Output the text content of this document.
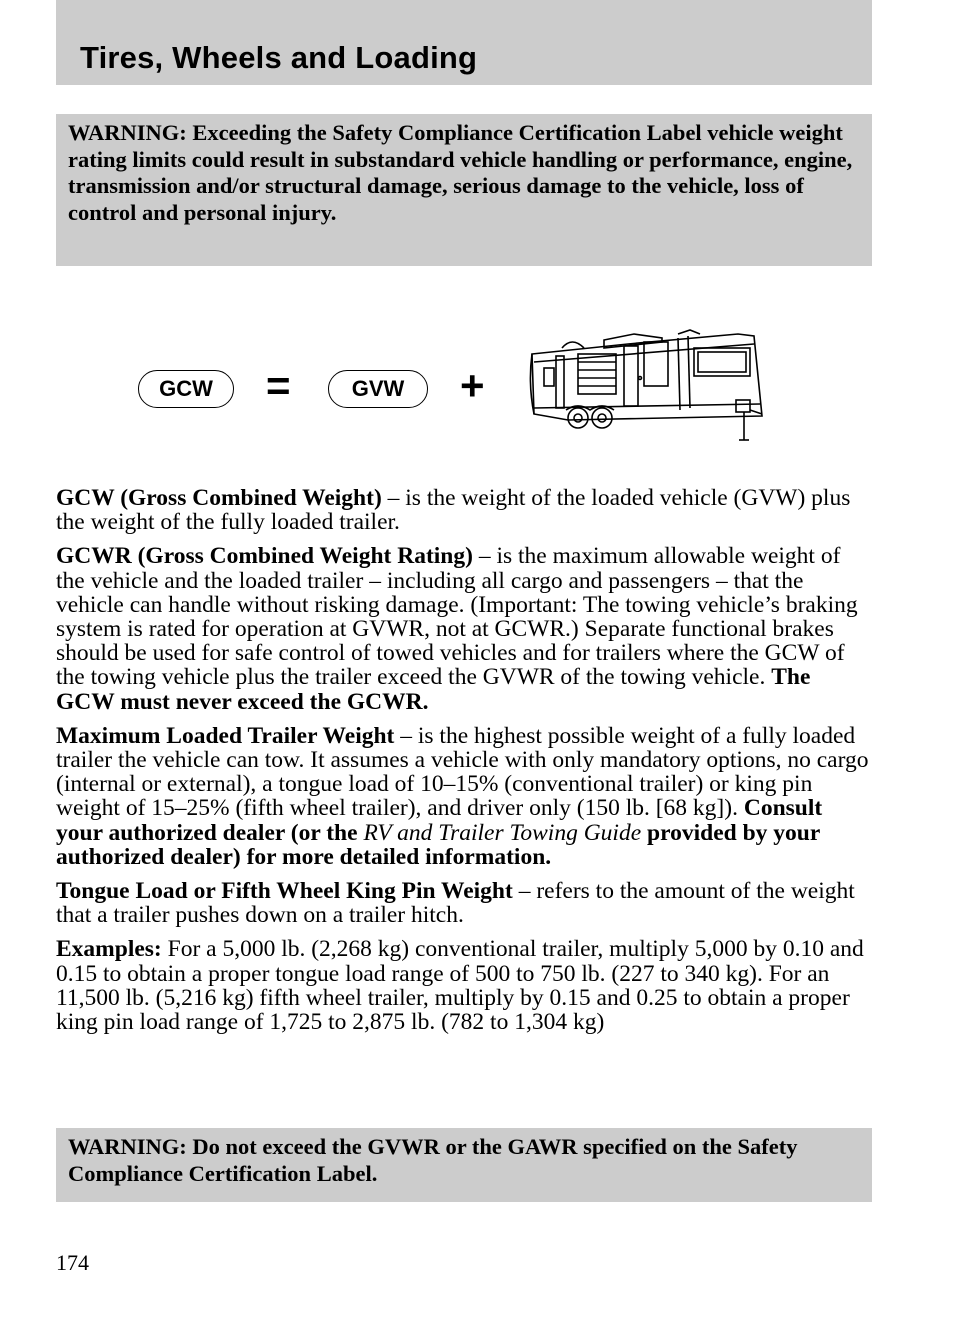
Tires, Wheels and Loading

WARNING: Exceeding the Safety Compliance Certification Label vehicle weight rating limits could result in substandard vehicle handling or performance, engine, transmission and/or structural damage, serious damage to the vehicle, loss of control and personal injury.

GCW	=	GVW	+

GCW (Gross Combined Weight) – is the weight of the loaded vehicle (GVW) plus the weight of the fully loaded trailer.

GCWR (Gross Combined Weight Rating) – is the maximum allowable weight of the vehicle and the loaded trailer – including all cargo and passengers – that the vehicle can handle without risking damage. (Important: The towing vehicle’s braking system is rated for operation at GVWR, not at GCWR.) Separate functional brakes should be used for safe control of towed vehicles and for trailers where the GCW of the towing vehicle plus the trailer exceed the GVWR of the towing vehicle. The GCW must never exceed the GCWR.

Maximum Loaded Trailer Weight – is the highest possible weight of a fully loaded trailer the vehicle can tow. It assumes a vehicle with only mandatory options, no cargo (internal or external), a tongue load of 10–15% (conventional trailer) or king pin weight of 15–25% (fifth wheel trailer), and driver only (150 lb. [68 kg]). Consult your authorized dealer (or the RV and Trailer Towing Guide provided by your authorized dealer) for more detailed information.

Tongue Load or Fifth Wheel King Pin Weight – refers to the amount of the weight that a trailer pushes down on a trailer hitch.

Examples: For a 5,000 lb. (2,268 kg) conventional trailer, multiply 5,000 by 0.10 and 0.15 to obtain a proper tongue load range of 500 to 750 lb. (227 to 340 kg). For an 11,500 lb. (5,216 kg) fifth wheel trailer, multiply by 0.15 and 0.25 to obtain a proper king pin load range of 1,725 to 2,875 lb. (782 to 1,304 kg)

WARNING: Do not exceed the GVWR or the GAWR specified on the Safety Compliance Certification Label.

174
